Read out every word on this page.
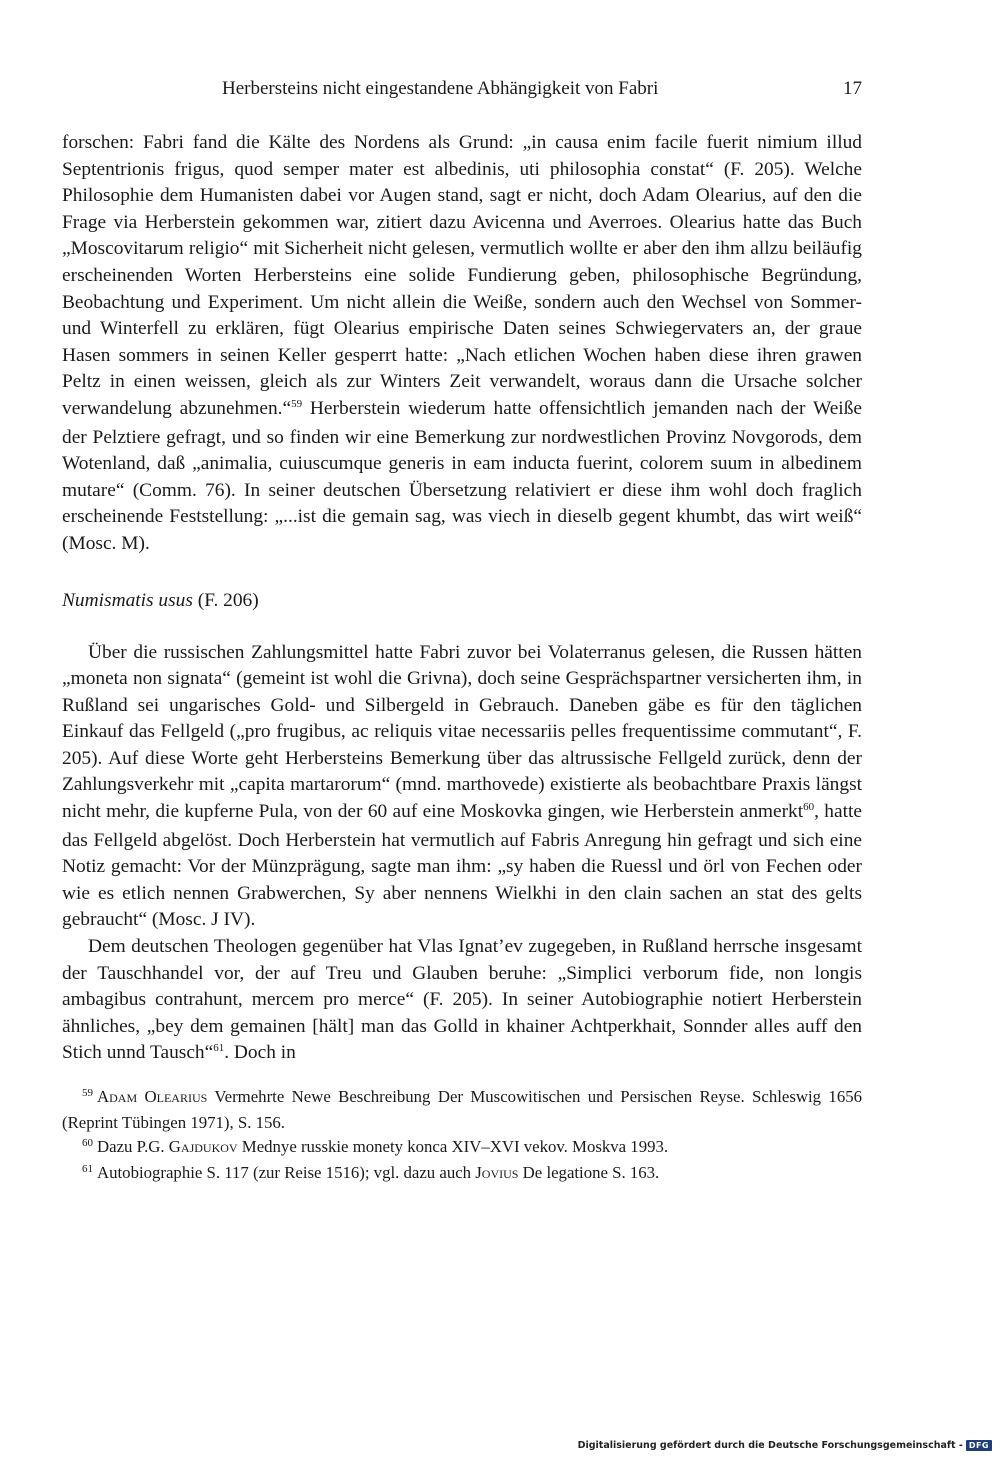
Herbersteins nicht eingestandene Abhängigkeit von Fabri	17

forschen: Fabri fand die Kälte des Nordens als Grund: „in causa enim facile fuerit nimium illud Septentrionis frigus, quod semper mater est albedinis, uti philosophia constat“ (F. 205). Welche Philosophie dem Humanisten dabei vor Augen stand, sagt er nicht, doch Adam Olearius, auf den die Frage via Herberstein gekommen war, zitiert dazu Avicenna und Averroes. Olearius hatte das Buch „Moscovitarum religio“ mit Sicherheit nicht gelesen, vermutlich wollte er aber den ihm allzu beiläufig erscheinenden Worten Herbersteins eine solide Fundierung geben, philosophische Begründung, Beobachtung und Experiment. Um nicht allein die Weiße, sondern auch den Wechsel von Sommer- und Winterfell zu erklären, fügt Olearius empirische Daten seines Schwiegervaters an, der graue Hasen sommers in seinen Keller gesperrt hatte: „Nach etlichen Wochen haben diese ihren grawen Peltz in einen weissen, gleich als zur Winters Zeit verwandelt, woraus dann die Ursache solcher verwandelung abzunehmen.“$^{59}$ Herberstein wiederum hatte offensichtlich jemanden nach der Weiße der Pelztiere gefragt, und so finden wir eine Bemerkung zur nordwestlichen Provinz Novgorods, dem Wotenland, daß „animalia, cuiuscumque generis in eam inducta fuerint, colorem suum in albedinem mutare“ (Comm. 76). In seiner deutschen Übersetzung relativiert er diese ihm wohl doch fraglich erscheinende Feststellung: „...ist die gemain sag, was viech in dieselb gegent khumbt, das wirt weiß“ (Mosc. M).

Numismatis usus (F. 206)

Über die russischen Zahlungsmittel hatte Fabri zuvor bei Volaterranus gelesen, die Russen hätten „moneta non signata“ (gemeint ist wohl die Grivna), doch seine Gesprächspartner versicherten ihm, in Rußland sei ungarisches Gold- und Silbergeld in Gebrauch. Daneben gäbe es für den täglichen Einkauf das Fellgeld („pro frugibus, ac reliquis vitae necessariis pelles frequentissime commutant“, F. 205). Auf diese Worte geht Herbersteins Bemerkung über das altrussische Fellgeld zurück, denn der Zahlungsverkehr mit „capita martarorum“ (mnd. marthovede) existierte als beobachtbare Praxis längst nicht mehr, die kupferne Pula, von der 60 auf eine Moskovka gingen, wie Herberstein anmerkt$^{60}$, hatte das Fellgeld abgelöst. Doch Herberstein hat vermutlich auf Fabris Anregung hin gefragt und sich eine Notiz gemacht: Vor der Münzprägung, sagte man ihm: „sy haben die Ruessl und örl von Fechen oder wie es etlich nennen Grabwerchen, Sy aber nennens Wielkhi in den clain sachen an stat des gelts gebraucht“ (Mosc. J IV).

Dem deutschen Theologen gegenüber hat Vlas Ignat’ev zugegeben, in Rußland herrsche insgesamt der Tauschhandel vor, der auf Treu und Glauben beruhe: „Simplici verborum fide, non longis ambagibus contrahunt, mercem pro merce“ (F. 205). In seiner Autobiographie notiert Herberstein ähnliches, „bey dem gemainen [hält] man das Golld in khainer Achtperkhait, Sonnder alles auff den Stich unnd Tausch“$^{61}$. Doch in

$^{59}$ Adam Olearius Vermehrte Newe Beschreibung Der Muscowitischen und Persischen Reyse. Schleswig 1656 (Reprint Tübingen 1971), S. 156.

$^{60}$ Dazu P.G. Gajdukov Mednye russkie monety konca XIV–XVI vekov. Moskva 1993.

$^{61}$ Autobiographie S. 117 (zur Reise 1516); vgl. dazu auch Jovius De legatione S. 163.

Digitalisierung gefördert durch die Deutsche Forschungsgemeinschaft - DFG
